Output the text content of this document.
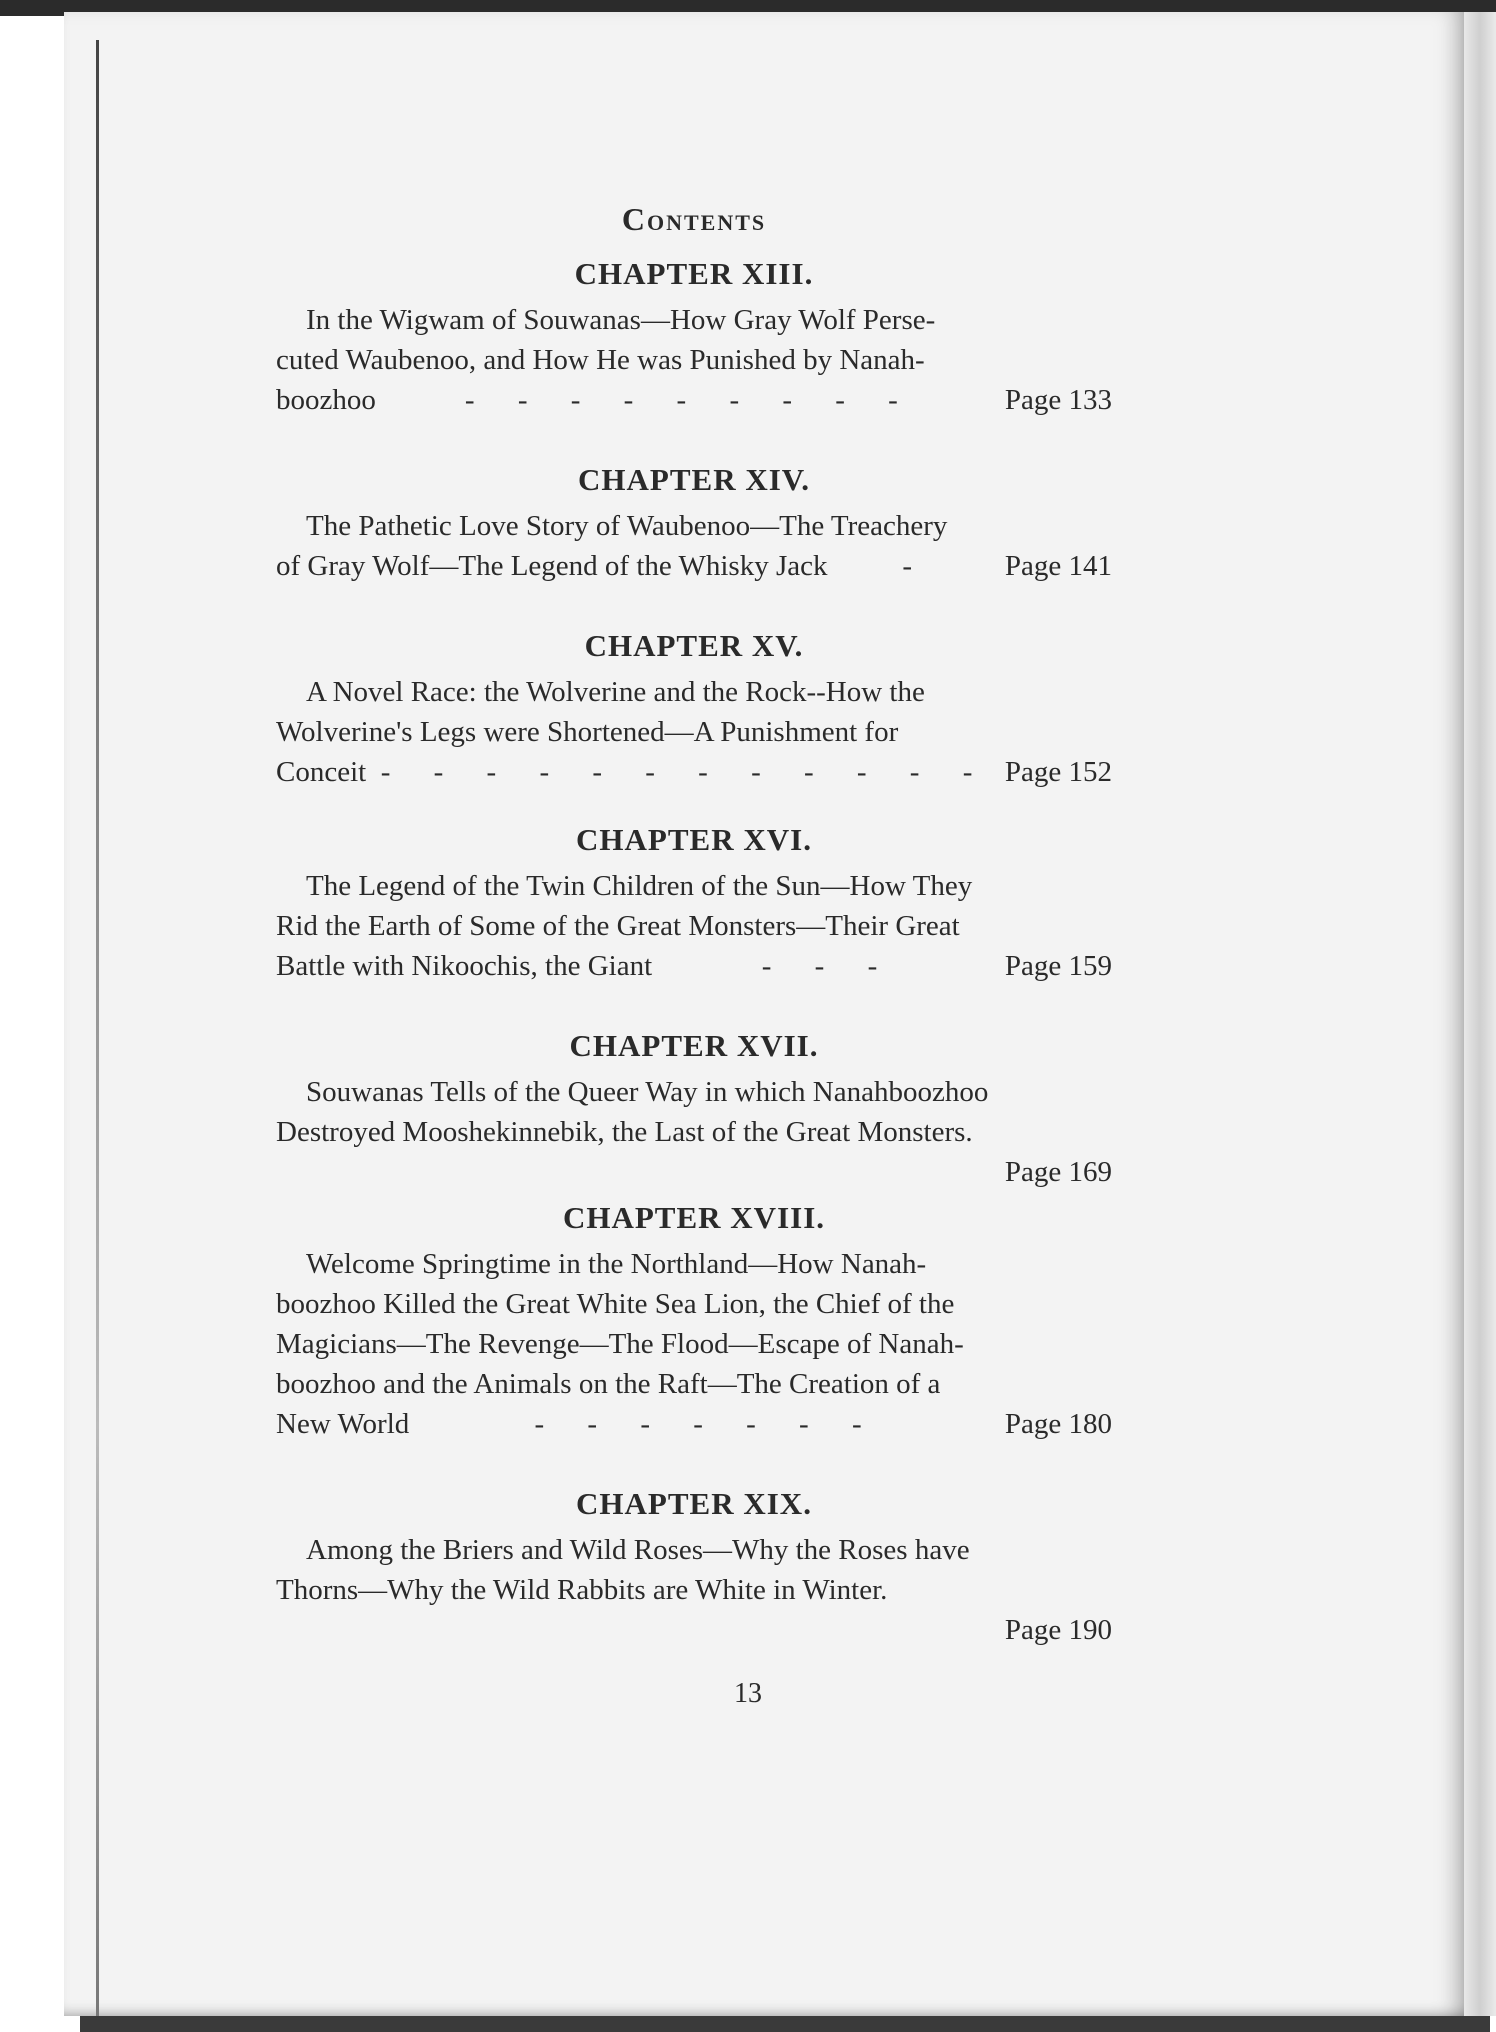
Contents
CHAPTER XIII.
In the Wigwam of Souwanas—How Gray Wolf Perse-
cuted Waubenoo, and How He was Punished by Nanah-
boozhoo	- - - - - - - - -	Page 133
CHAPTER XIV.
The Pathetic Love Story of Waubenoo—The Treachery
of Gray Wolf—The Legend of the Whisky Jack	-	Page 141
CHAPTER XV.
A Novel Race: the Wolverine and the Rock--How the
Wolverine's Legs were Shortened—A Punishment for
Conceit - - - - - - - - - - - - Page 152
CHAPTER XVI.
The Legend of the Twin Children of the Sun—How They
Rid the Earth of Some of the Great Monsters—Their Great
Battle with Nikoochis, the Giant	- - -	Page 159
CHAPTER XVII.
Souwanas Tells of the Queer Way in which Nanahboozhoo
Destroyed Mooshekinnebik, the Last of the Great Monsters.
Page 169
CHAPTER XVIII.
Welcome Springtime in the Northland—How Nanah-
boozhoo Killed the Great White Sea Lion, the Chief of the
Magicians—The Revenge—The Flood—Escape of Nanah-
boozhoo and the Animals on the Raft—The Creation of a
New World	- - - - - - -	Page 180
CHAPTER XIX.
Among the Briers and Wild Roses—Why the Roses have
Thorns—Why the Wild Rabbits are White in Winter.
Page 190
13
